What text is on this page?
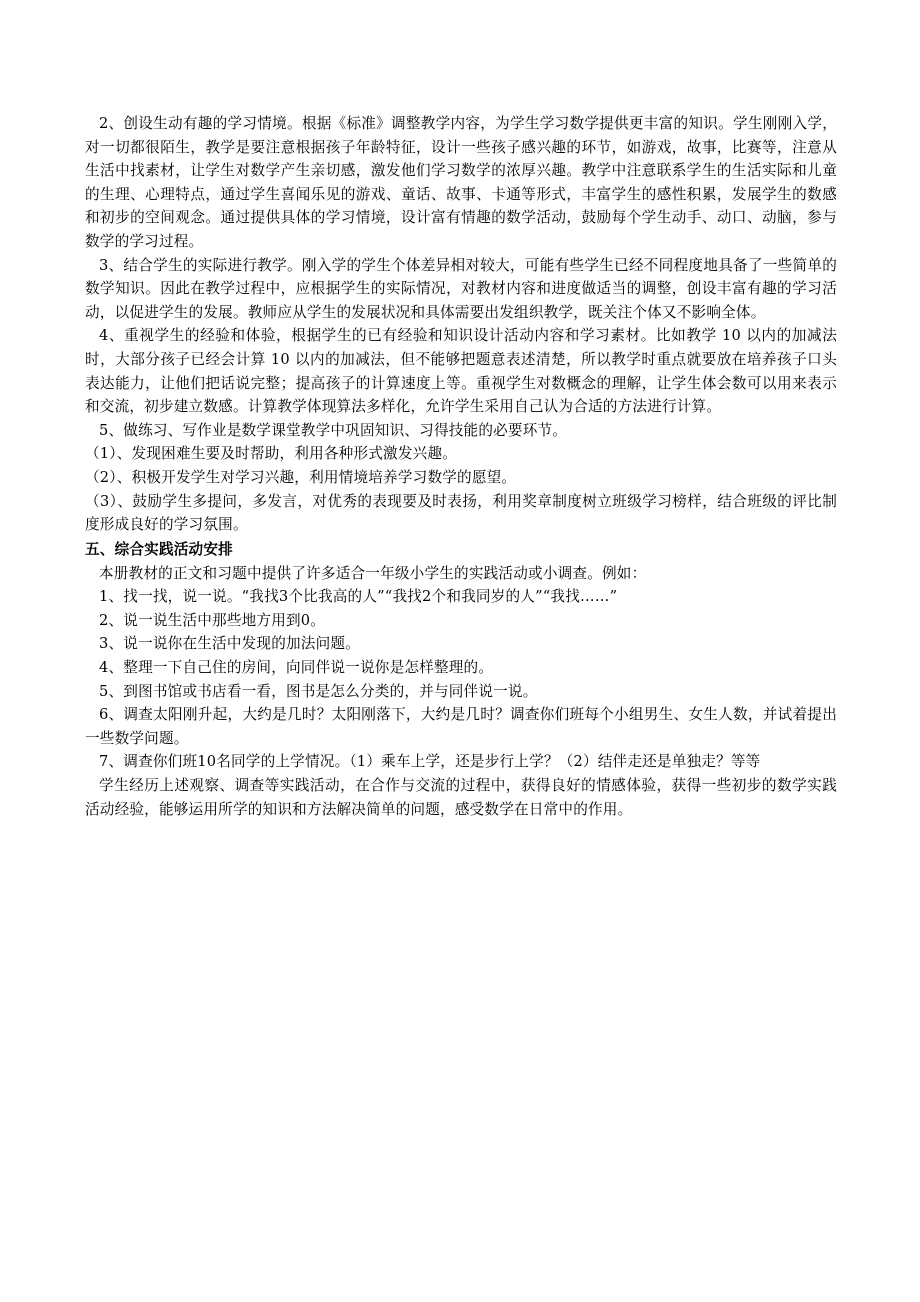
2、创设生动有趣的学习情境。根据《标准》调整教学内容，为学生学习数学提供更丰富的知识。学生刚刚入学，对一切都很陌生，教学是要注意根据孩子年龄特征，设计一些孩子感兴趣的环节，如游戏，故事，比赛等，注意从生活中找素材，让学生对数学产生亲切感，激发他们学习数学的浓厚兴趣。教学中注意联系学生的生活实际和儿童的生理、心理特点，通过学生喜闻乐见的游戏、童话、故事、卡通等形式，丰富学生的感性积累，发展学生的数感和初步的空间观念。通过提供具体的学习情境，设计富有情趣的数学活动，鼓励每个学生动手、动口、动脑，参与数学的学习过程。

3、结合学生的实际进行教学。刚入学的学生个体差异相对较大，可能有些学生已经不同程度地具备了一些简单的数学知识。因此在教学过程中，应根据学生的实际情况，对教材内容和进度做适当的调整，创设丰富有趣的学习活动，以促进学生的发展。教师应从学生的发展状况和具体需要出发组织教学，既关注个体又不影响全体。

4、重视学生的经验和体验，根据学生的已有经验和知识设计活动内容和学习素材。比如教学 10 以内的加减法时，大部分孩子已经会计算 10 以内的加减法，但不能够把题意表述清楚，所以教学时重点就要放在培养孩子口头表达能力，让他们把话说完整；提高孩子的计算速度上等。重视学生对数概念的理解，让学生体会数可以用来表示和交流，初步建立数感。计算教学体现算法多样化，允许学生采用自己认为合适的方法进行计算。

5、做练习、写作业是数学课堂教学中巩固知识、习得技能的必要环节。

（1）、发现困难生要及时帮助，利用各种形式激发兴趣。

（2）、积极开发学生对学习兴趣，利用情境培养学习数学的愿望。

（3）、鼓励学生多提问，多发言，对优秀的表现要及时表扬，利用奖章制度树立班级学习榜样，结合班级的评比制度形成良好的学习氛围。

五、综合实践活动安排

本册教材的正文和习题中提供了许多适合一年级小学生的实践活动或小调查。例如：

1、找一找，说一说。“我找3个比我高的人”“我找2个和我同岁的人”“我找……”

2、说一说生活中那些地方用到0。

3、说一说你在生活中发现的加法问题。

4、整理一下自己住的房间，向同伴说一说你是怎样整理的。

5、到图书馆或书店看一看，图书是怎么分类的，并与同伴说一说。

6、调查太阳刚升起，大约是几时？太阳刚落下，大约是几时？调查你们班每个小组男生、女生人数，并试着提出一些数学问题。

7、调查你们班10名同学的上学情况。（1）乘车上学，还是步行上学？（2）结伴走还是单独走？等等

学生经历上述观察、调查等实践活动，在合作与交流的过程中，获得良好的情感体验，获得一些初步的数学实践活动经验，能够运用所学的知识和方法解决简单的问题，感受数学在日常中的作用。
